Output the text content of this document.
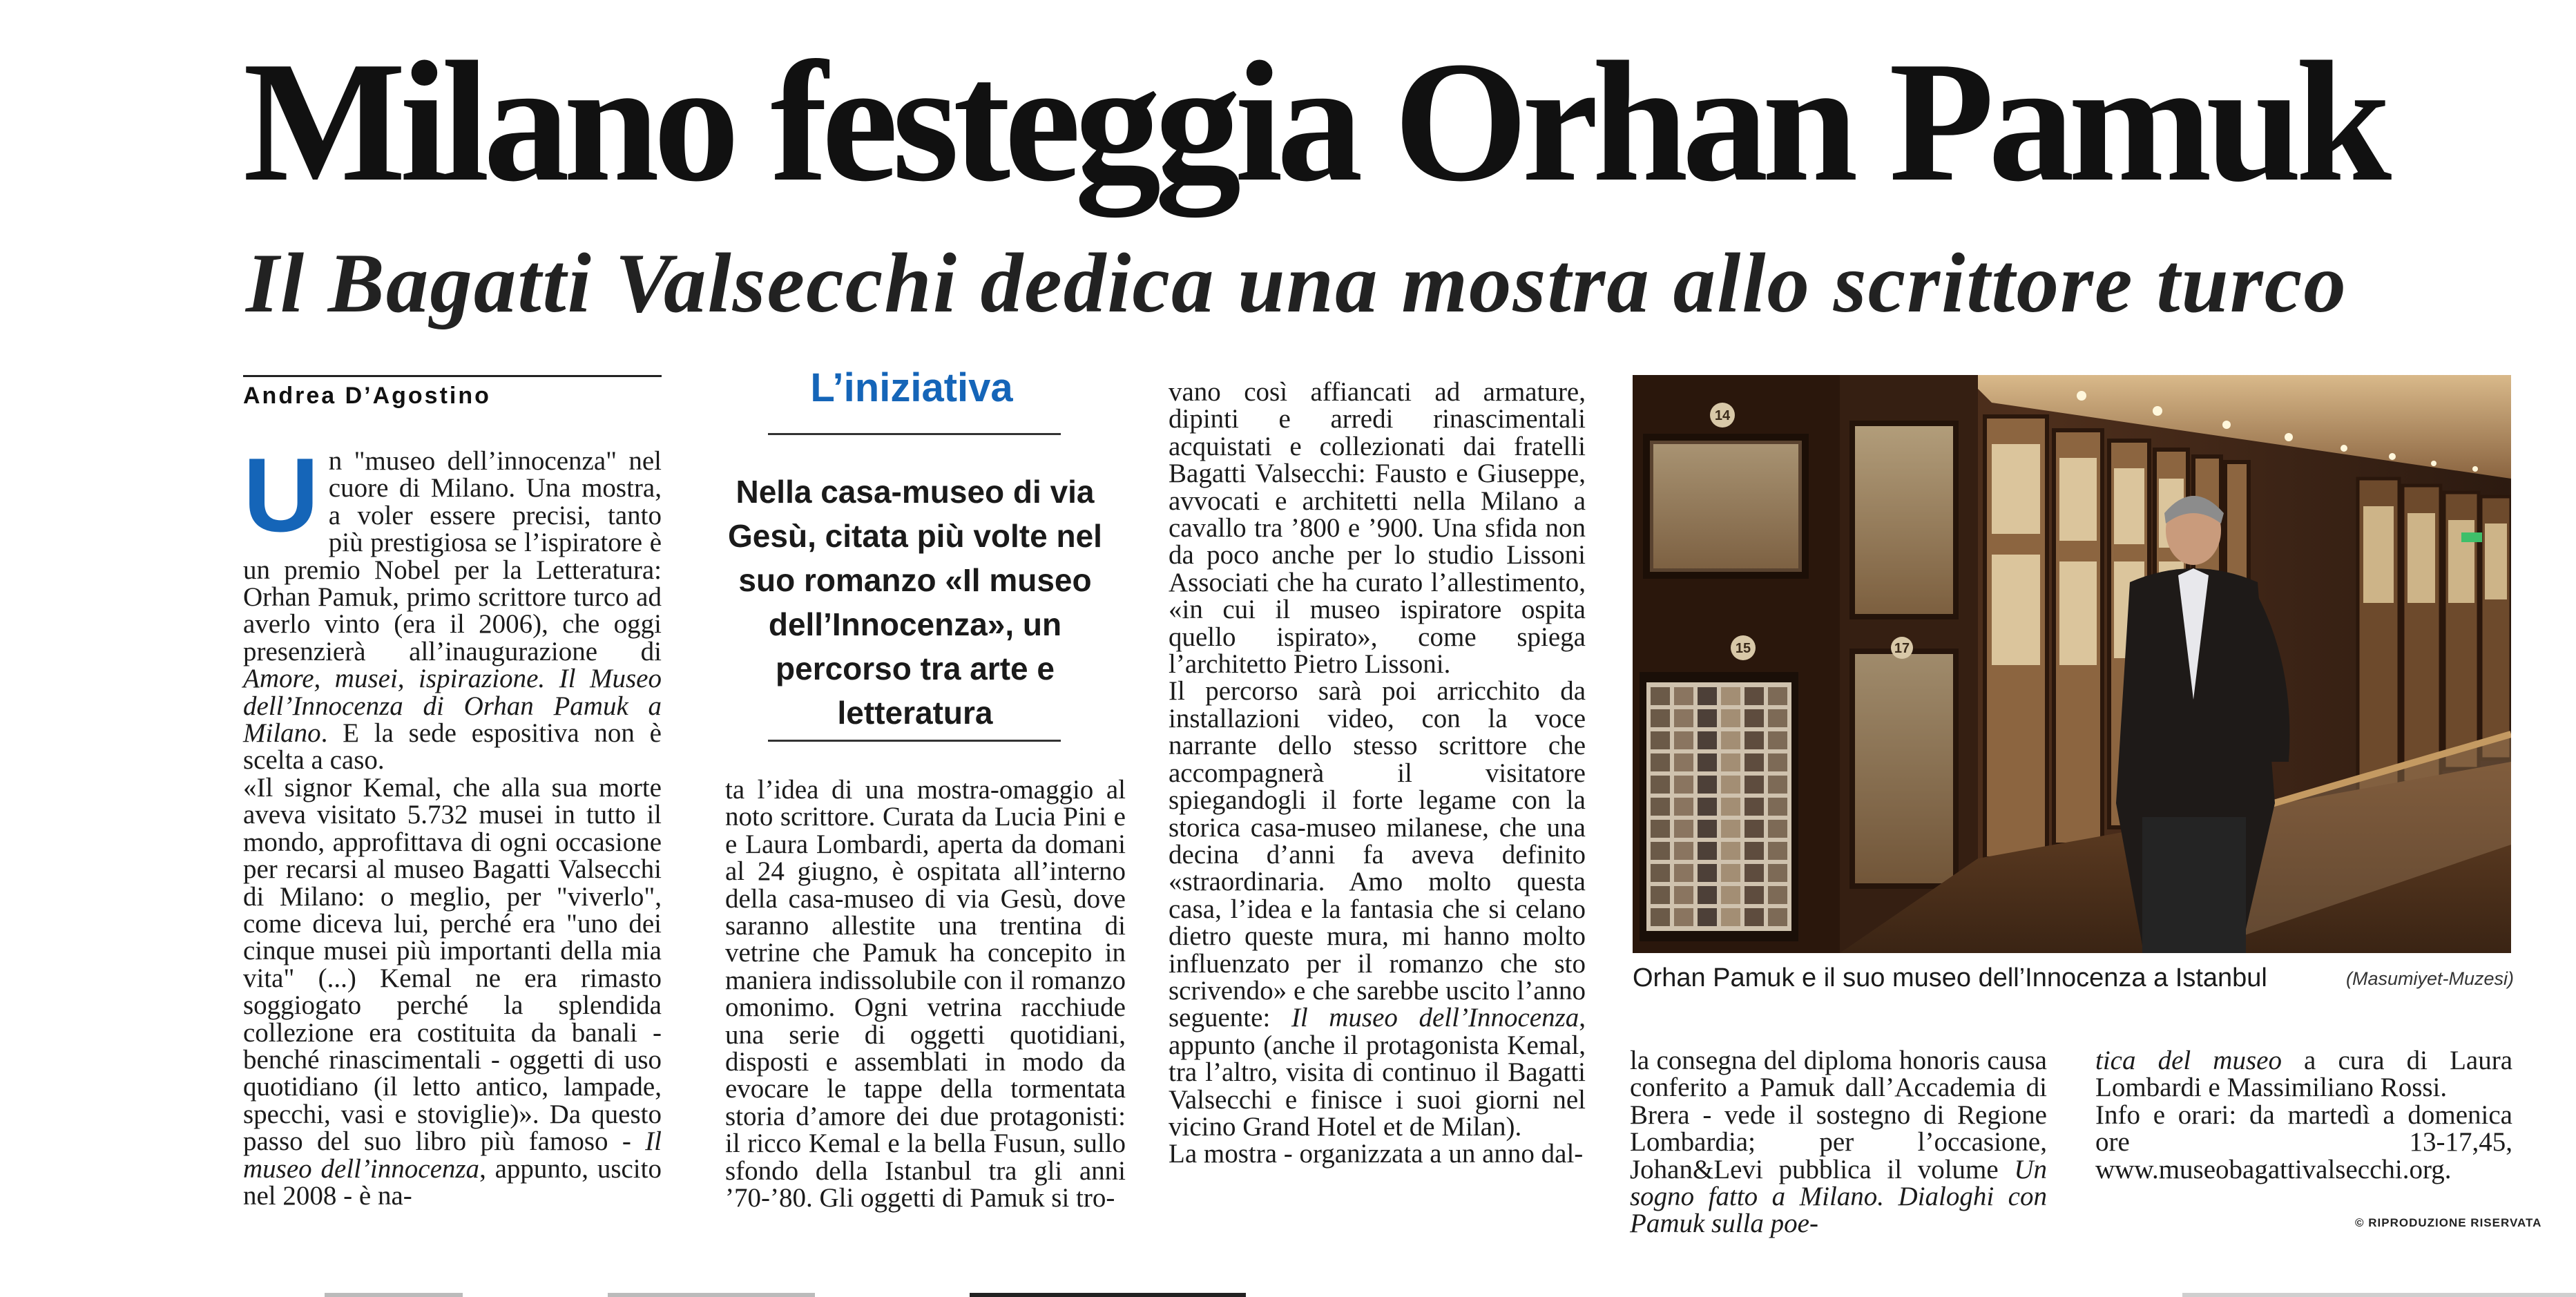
Milano festeggia Orhan Pamuk
Il Bagatti Valsecchi dedica una mostra allo scrittore turco
Andrea D’Agostino

Un "museo dell’innocenza" nel cuore di Milano. Una mostra, a voler essere precisi, tanto più prestigiosa se l’ispiratore è un premio Nobel per la Letteratura: Orhan Pamuk, primo scrittore turco ad averlo vinto (era il 2006), che oggi presenzierà all’inaugurazione di Amore, musei, ispirazione. Il Museo dell’Innocenza di Orhan Pamuk a Milano. E la sede espositiva non è scelta a caso.

«Il signor Kemal, che alla sua morte aveva visitato 5.732 musei in tutto il mondo, approfittava di ogni occasione per recarsi al museo Bagatti Valsecchi di Milano: o meglio, per "viverlo", come diceva lui, perché era "uno dei cinque musei più importanti della mia vita" (...) Kemal ne era rimasto soggiogato perché la splendida collezione era costituita da banali - benché rinascimentali - oggetti di uso quotidiano (il letto antico, lampade, specchi, vasi e stoviglie)». Da questo passo del suo libro più famoso - Il museo dell’innocenza, appunto, uscito nel 2008 - è na-

L’iniziativa
Nella casa-museo di via Gesù, citata più volte nel suo romanzo «Il museo dell’Innocenza», un percorso tra arte e letteratura

ta l’idea di una mostra-omaggio al noto scrittore. Curata da Lucia Pini e e Laura Lombardi, aperta da domani al 24 giugno, è ospitata all’interno della casa-museo di via Gesù, dove saranno allestite una trentina di vetrine che Pamuk ha concepito in maniera indissolubile con il romanzo omonimo. Ogni vetrina racchiude una serie di oggetti quotidiani, disposti e assemblati in modo da evocare le tappe della tormentata storia d’amore dei due protagonisti: il ricco Kemal e la bella Fusun, sullo sfondo della Istanbul tra gli anni ’70-’80. Gli oggetti di Pamuk si tro-

vano così affiancati ad armature, dipinti e arredi rinascimentali acquistati e collezionati dai fratelli Bagatti Valsecchi: Fausto e Giuseppe, avvocati e architetti nella Milano a cavallo tra ’800 e ’900. Una sfida non da poco anche per lo studio Lissoni Associati che ha curato l’allestimento, «in cui il museo ispiratore ospita quello ispirato», come spiega l’architetto Pietro Lissoni.

Il percorso sarà poi arricchito da installazioni video, con la voce narrante dello stesso scrittore che accompagnerà il visitatore spiegandogli il forte legame con la storica casa-museo milanese, che una decina d’anni fa aveva definito «straordinaria. Amo molto questa casa, l’idea e la fantasia che si celano dietro queste mura, mi hanno molto influenzato per il romanzo che sto scrivendo» e che sarebbe uscito l’anno seguente: Il museo dell’Innocenza, appunto (anche il protagonista Kemal, tra l’altro, visita di continuo il Bagatti Valsecchi e finisce i suoi giorni nel vicino Grand Hotel et de Milan).

La mostra - organizzata a un anno dal-

14
15	17
Orhan Pamuk e il suo museo dell’Innocenza a Istanbul	(Masumiyet-Muzesi)

la consegna del diploma honoris causa conferito a Pamuk dall’Accademia di Brera - vede il sostegno di Regione Lombardia; per l’occasione, Johan&Levi pubblica il volume Un sogno fatto a Milano. Dialoghi con Pamuk sulla poe-

tica del museo a cura di Laura Lombardi e Massimiliano Rossi.

Info e orari: da martedì a domenica ore 13-17,45, www.museobagattivalsecchi.org.

© RIPRODUZIONE RISERVATA
